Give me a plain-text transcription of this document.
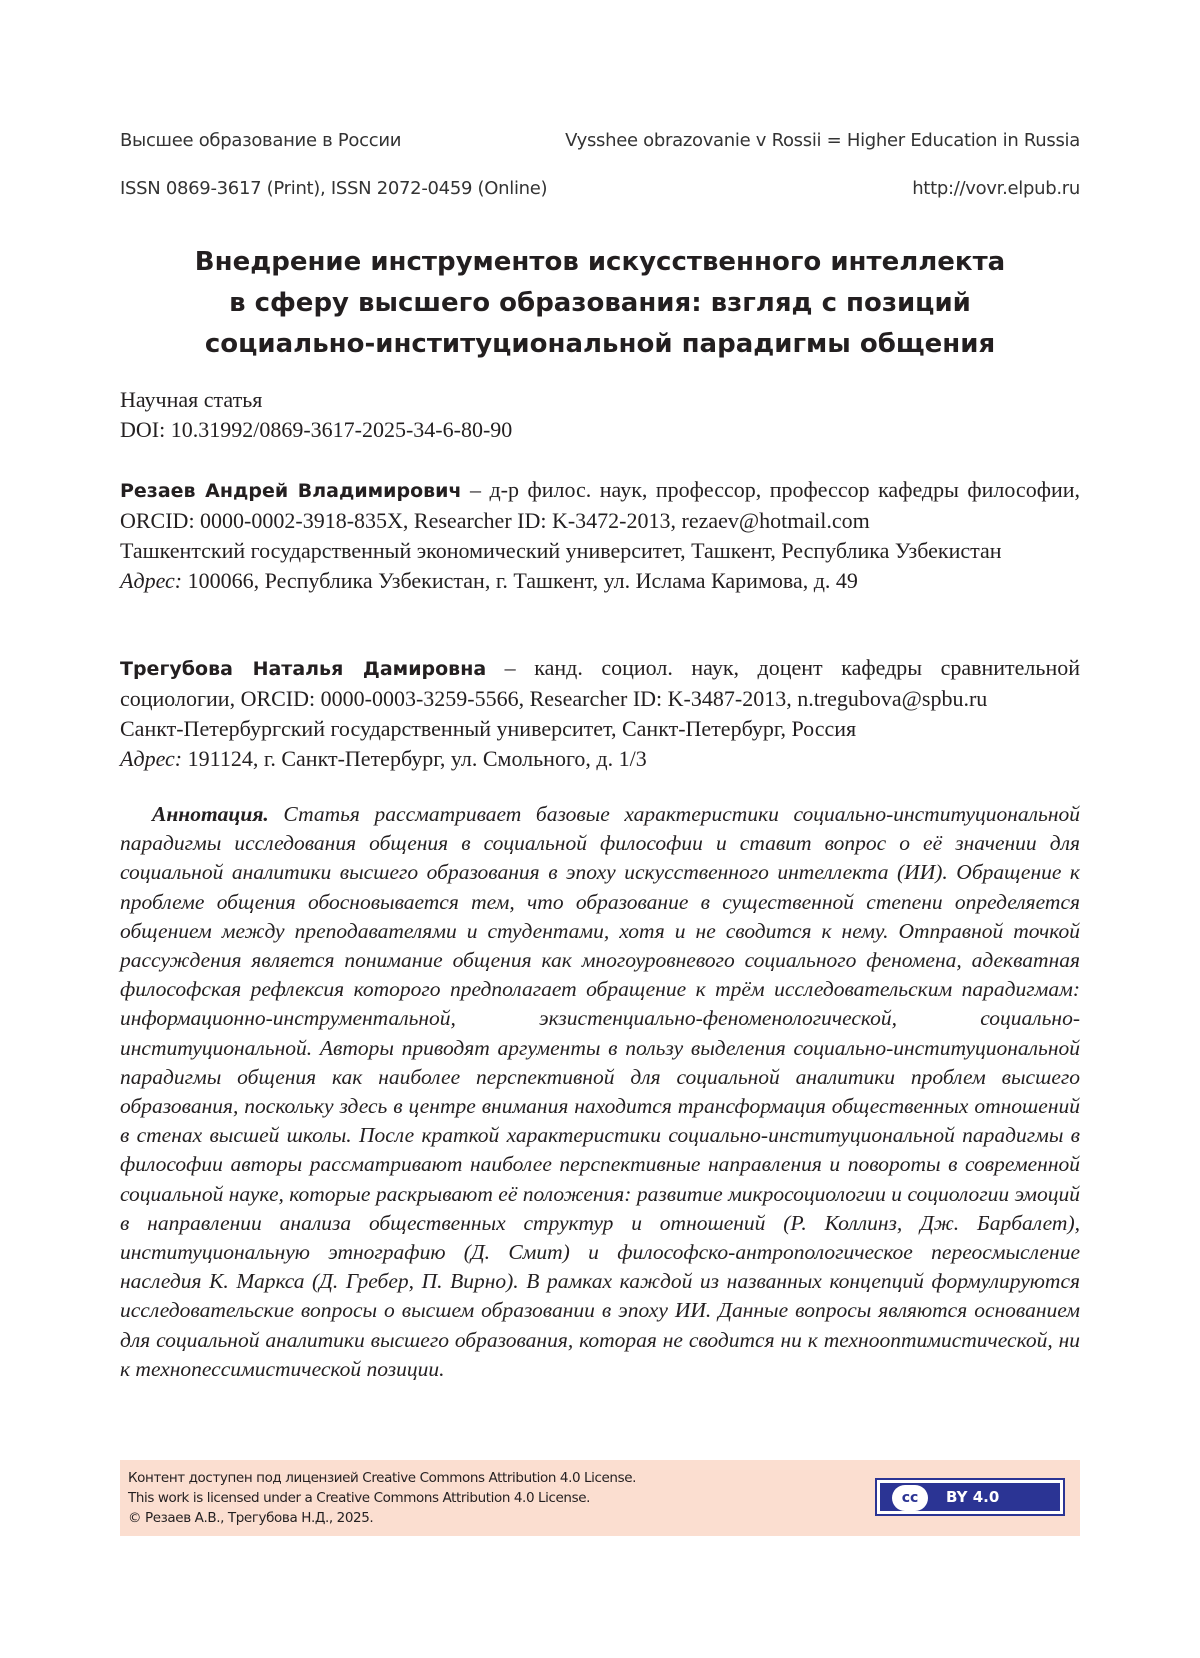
Высшее образование в России	Vysshee obrazovanie v Rossii = Higher Education in Russia
ISSN 0869-3617 (Print), ISSN 2072-0459 (Online)	http://vovr.elpub.ru
Внедрение инструментов искусственного интеллекта
в сферу высшего образования: взгляд с позиций
социально-институциональной парадигмы общения
Научная статья
DOI: 10.31992/0869-3617-2025-34-6-80-90
Резаев Андрей Владимирович – д-р филос. наук, профессор, профессор кафедры философии, ORCID: 0000-0002-3918-835X, Researcher ID: K-3472-2013, rezaev@hotmail.com
Ташкентский государственный экономический университет, Ташкент, Республика Узбекистан
Адрес: 100066, Республика Узбекистан, г. Ташкент, ул. Ислама Каримова, д. 49
Трегубова Наталья Дамировна – канд. социол. наук, доцент кафедры сравнительной социологии, ORCID: 0000-0003-3259-5566, Researcher ID: K-3487-2013, n.tregubova@spbu.ru
Санкт-Петербургский государственный университет, Санкт-Петербург, Россия
Адрес: 191124, г. Санкт-Петербург, ул. Смольного, д. 1/3
Аннотация. Статья рассматривает базовые характеристики социально-институциональной парадигмы исследования общения в социальной философии и ставит вопрос о её значении для социальной аналитики высшего образования в эпоху искусственного интеллекта (ИИ). Обращение к проблеме общения обосновывается тем, что образование в существенной степени определяется общением между преподавателями и студентами, хотя и не сводится к нему. Отправной точкой рассуждения является понимание общения как многоуровневого социального феномена, адекватная философская рефлексия которого предполагает обращение к трём исследовательским парадигмам: информационно-инструментальной, экзистенциально-феноменологической, социально-институциональной. Авторы приводят аргументы в пользу выделения социально-институциональной парадигмы общения как наиболее перспективной для социальной аналитики проблем высшего образования, поскольку здесь в центре внимания находится трансформация общественных отношений в стенах высшей школы. После краткой характеристики социально-институциональной парадигмы в философии авторы рассматривают наиболее перспективные направления и повороты в современной социальной науке, которые раскрывают её положения: развитие микросоциологии и социологии эмоций в направлении анализа общественных структур и отношений (Р. Коллинз, Дж. Барбалет), институциональную этнографию (Д. Смит) и философско-антропологическое переосмысление наследия К. Маркса (Д. Гребер, П. Вирно). В рамках каждой из названных концепций формулируются исследовательские вопросы о высшем образовании в эпоху ИИ. Данные вопросы являются основанием для социальной аналитики высшего образования, которая не сводится ни к технооптимистической, ни к технопессимистической позиции.
Контент доступен под лицензией Creative Commons Attribution 4.0 License.
This work is licensed under a Creative Commons Attribution 4.0 License.
© Резаев А.В., Трегубова Н.Д., 2025.
cc BY 4.0
